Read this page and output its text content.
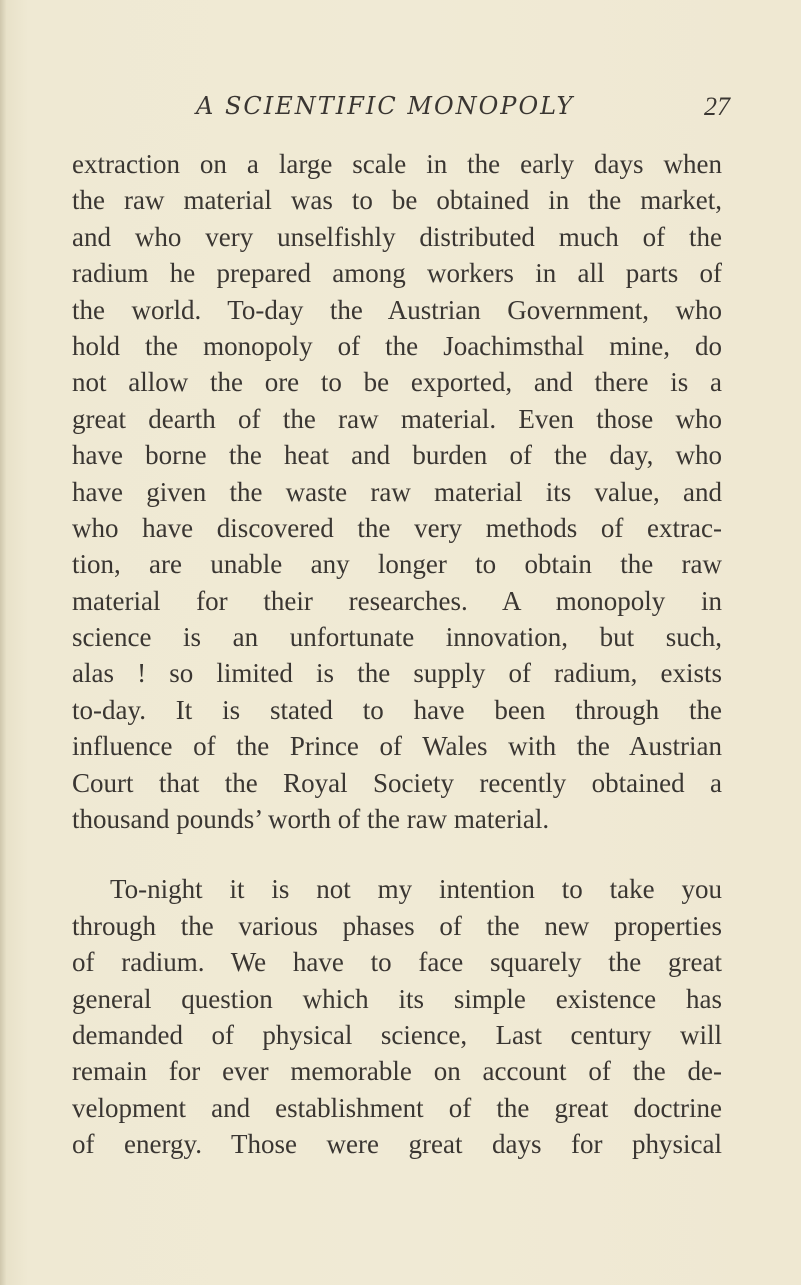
A SCIENTIFIC MONOPOLY	27
extraction on a large scale in the early days when
the raw material was to be obtained in the market,
and who very unselfishly distributed much of the
radium he prepared among workers in all parts of
the world. To-day the Austrian Government, who
hold the monopoly of the Joachimsthal mine, do
not allow the ore to be exported, and there is a
great dearth of the raw material. Even those who
have borne the heat and burden of the day, who
have given the waste raw material its value, and
who have discovered the very methods of extrac-
tion, are unable any longer to obtain the raw
material for their researches. A monopoly in
science is an unfortunate innovation, but such,
alas ! so limited is the supply of radium, exists
to-day. It is stated to have been through the
influence of the Prince of Wales with the Austrian
Court that the Royal Society recently obtained a
thousand pounds’ worth of the raw material.
To-night it is not my intention to take you
through the various phases of the new properties
of radium. We have to face squarely the great
general question which its simple existence has
demanded of physical science, Last century will
remain for ever memorable on account of the de-
velopment and establishment of the great doctrine
of energy. Those were great days for physical
